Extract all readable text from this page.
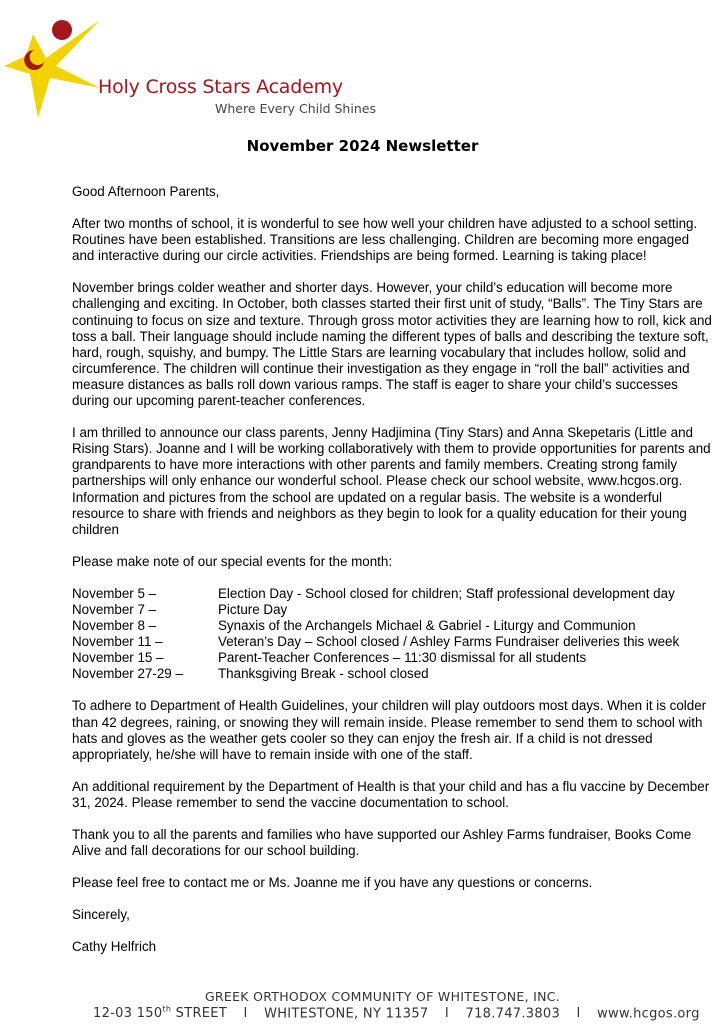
Holy Cross Stars Academy
Where Every Child Shines
November 2024 Newsletter

Good Afternoon Parents,

After two months of school, it is wonderful to see how well your children have adjusted to a school setting. Routines have been established. Transitions are less challenging. Children are becoming more engaged and interactive during our circle activities. Friendships are being formed. Learning is taking place!

November brings colder weather and shorter days. However, your child’s education will become more challenging and exciting. In October, both classes started their first unit of study, “Balls”. The Tiny Stars are continuing to focus on size and texture. Through gross motor activities they are learning how to roll, kick and toss a ball. Their language should include naming the different types of balls and describing the texture soft, hard, rough, squishy, and bumpy. The Little Stars are learning vocabulary that includes hollow, solid and circumference. The children will continue their investigation as they engage in “roll the ball” activities and measure distances as balls roll down various ramps. The staff is eager to share your child’s successes during our upcoming parent-teacher conferences.

I am thrilled to announce our class parents, Jenny Hadjimina (Tiny Stars) and Anna Skepetaris (Little and Rising Stars). Joanne and I will be working collaboratively with them to provide opportunities for parents and grandparents to have more interactions with other parents and family members. Creating strong family partnerships will only enhance our wonderful school. Please check our school website, www.hcgos.org. Information and pictures from the school are updated on a regular basis. The website is a wonderful resource to share with friends and neighbors as they begin to look for a quality education for their young children

Please make note of our special events for the month:

November 5 –	Election Day - School closed for children; Staff professional development day
November 7 –	Picture Day
November 8 –	Synaxis of the Archangels Michael & Gabriel - Liturgy and Communion
November 11 –	Veteran’s Day – School closed / Ashley Farms Fundraiser deliveries this week
November 15 –	Parent-Teacher Conferences – 11:30 dismissal for all students
November 27-29 –	Thanksgiving Break - school closed

To adhere to Department of Health Guidelines, your children will play outdoors most days. When it is colder than 42 degrees, raining, or snowing they will remain inside. Please remember to send them to school with hats and gloves as the weather gets cooler so they can enjoy the fresh air. If a child is not dressed appropriately, he/she will have to remain inside with one of the staff.

An additional requirement by the Department of Health is that your child and has a flu vaccine by December 31, 2024. Please remember to send the vaccine documentation to school.

Thank you to all the parents and families who have supported our Ashley Farms fundraiser, Books Come Alive and fall decorations for our school building.

Please feel free to contact me or Ms. Joanne me if you have any questions or concerns.

Sincerely,

Cathy Helfrich

GREEK ORTHODOX COMMUNITY OF WHITESTONE, INC.
12-03 150th STREET I WHITESTONE, NY 11357 I 718.747.3803 I www.hcgos.org
